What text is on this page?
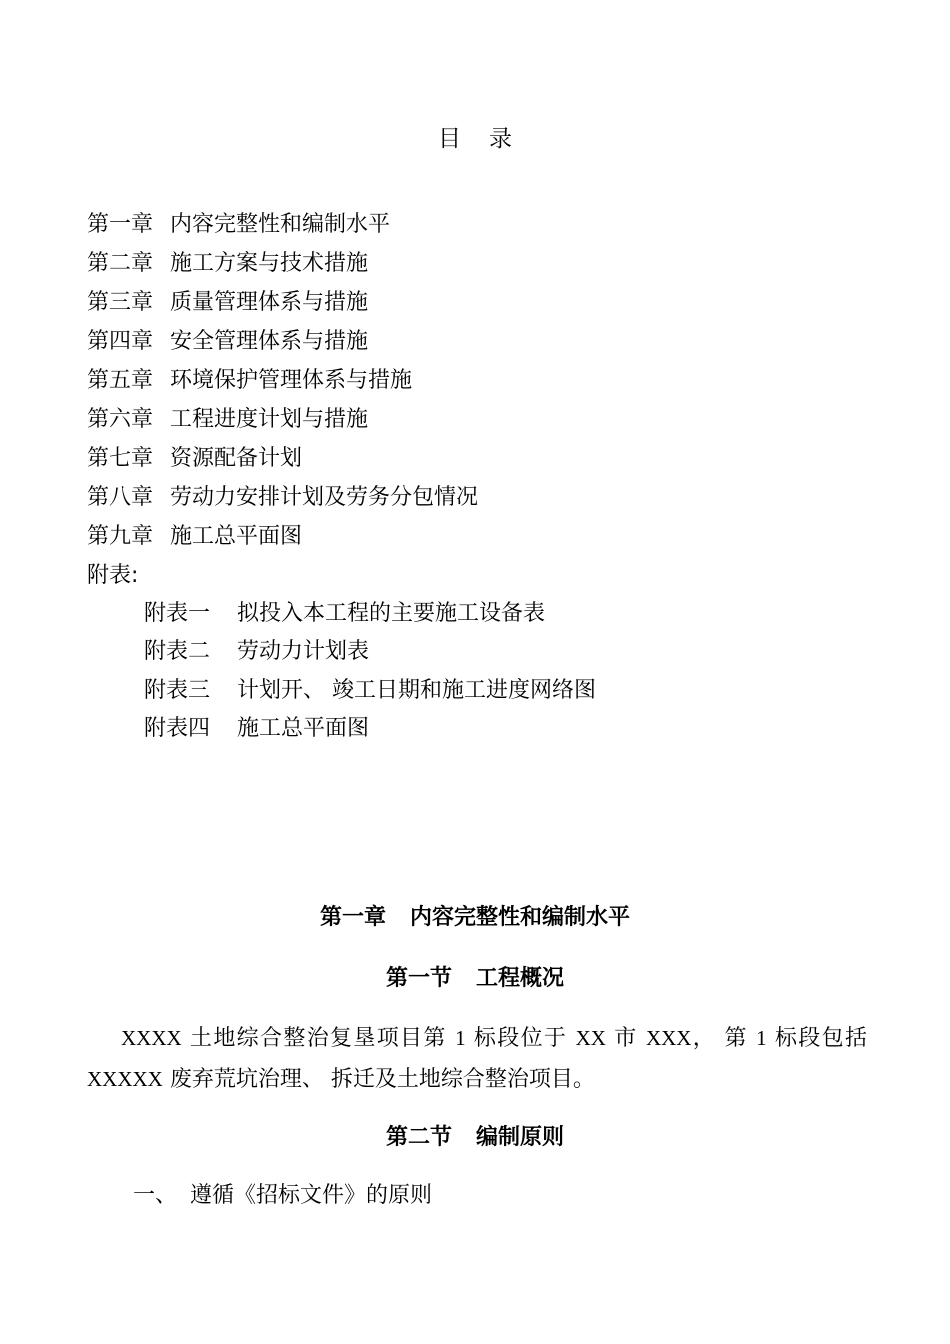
目录
第一章 内容完整性和编制水平
第二章 施工方案与技术措施
第三章 质量管理体系与措施
第四章 安全管理体系与措施
第五章 环境保护管理体系与措施
第六章 工程进度计划与措施
第七章 资源配备计划
第八章 劳动力安排计划及劳务分包情况
第九章 施工总平面图
附表:
附表一 拟投入本工程的主要施工设备表
附表二 劳动力计划表
附表三 计划开、 竣工日期和施工进度网络图
附表四 施工总平面图
第一章 内容完整性和编制水平
第一节 工程概况
XXXX 土地综合整治复垦项目第 1 标段位于 XX 市 XXX， 第 1 标段包括 XXXXX 废弃荒坑治理、 拆迁及土地综合整治项目。
第二节 编制原则
一、 遵循《招标文件》的原则
